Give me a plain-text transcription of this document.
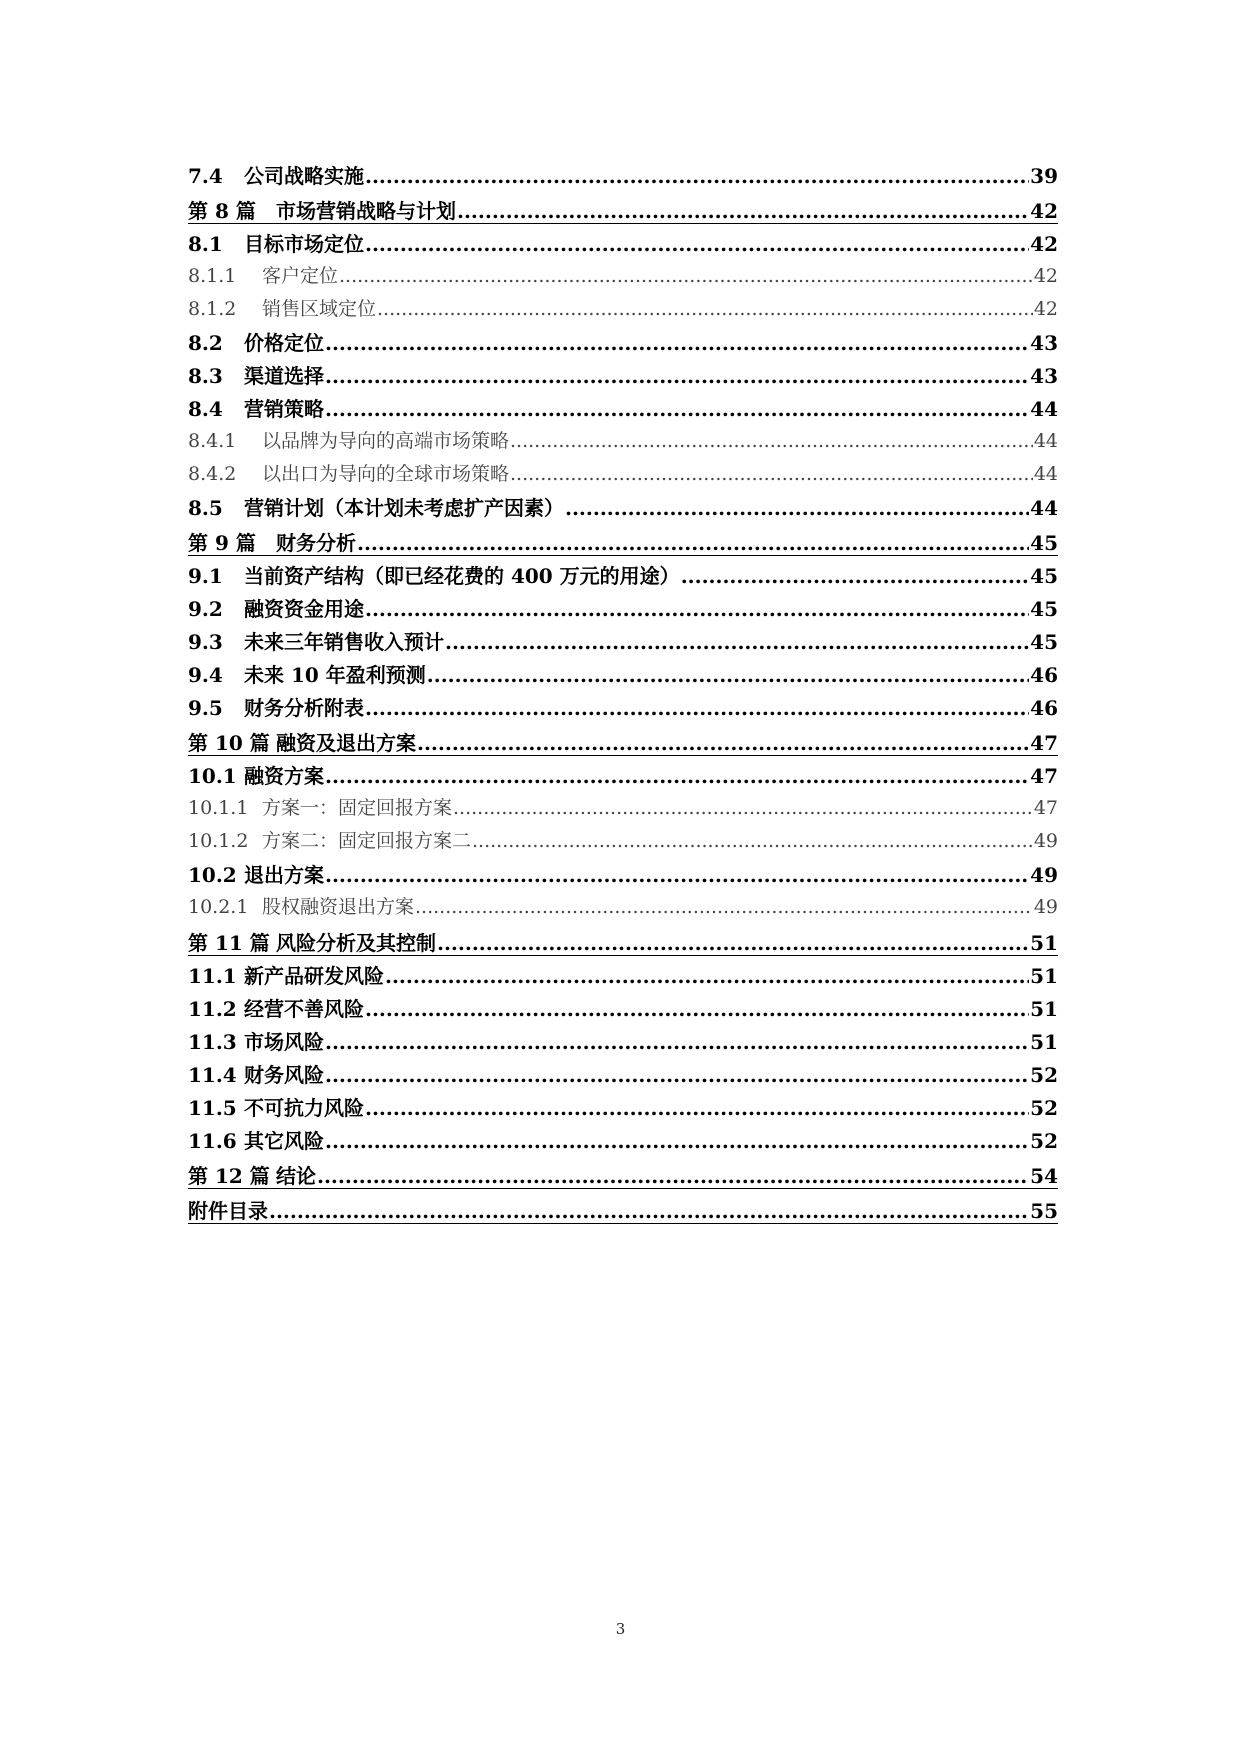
7.4	公司战略实施 .....	39
第 8 篇	市场营销战略与计划 .....	42
8.1	目标市场定位 .....	42
8.1.1	客户定位 .....	42
8.1.2	销售区域定位 .....	42
8.2	价格定位 .....	43
8.3	渠道选择 .....	43
8.4	营销策略 .....	44
8.4.1	以品牌为导向的高端市场策略 .....	44
8.4.2	以出口为导向的全球市场策略 .....	44
8.5	营销计划（本计划未考虑扩产因素） .....	44
第 9 篇	财务分析 .....	45
9.1	当前资产结构（即已经花费的 400 万元的用途） .....	45
9.2	融资资金用途 .....	45
9.3	未来三年销售收入预计 .....	45
9.4	未来 10 年盈利预测 .....	46
9.5	财务分析附表 .....	46
第 10 篇 融资及退出方案 .....	47
10.1 融资方案 .....	47
10.1.1 方案一：固定回报方案 .....	47
10.1.2 方案二：固定回报方案二 .....	49
10.2 退出方案 .....	49
10.2.1 股权融资退出方案 .....	49
第 11 篇 风险分析及其控制 .....	51
11.1 新产品研发风险 .....	51
11.2 经营不善风险 .....	51
11.3 市场风险 .....	51
11.4 财务风险 .....	52
11.5 不可抗力风险 .....	52
11.6 其它风险 .....	52
第 12 篇 结论 .....	54
附件目录 .....	55
3
